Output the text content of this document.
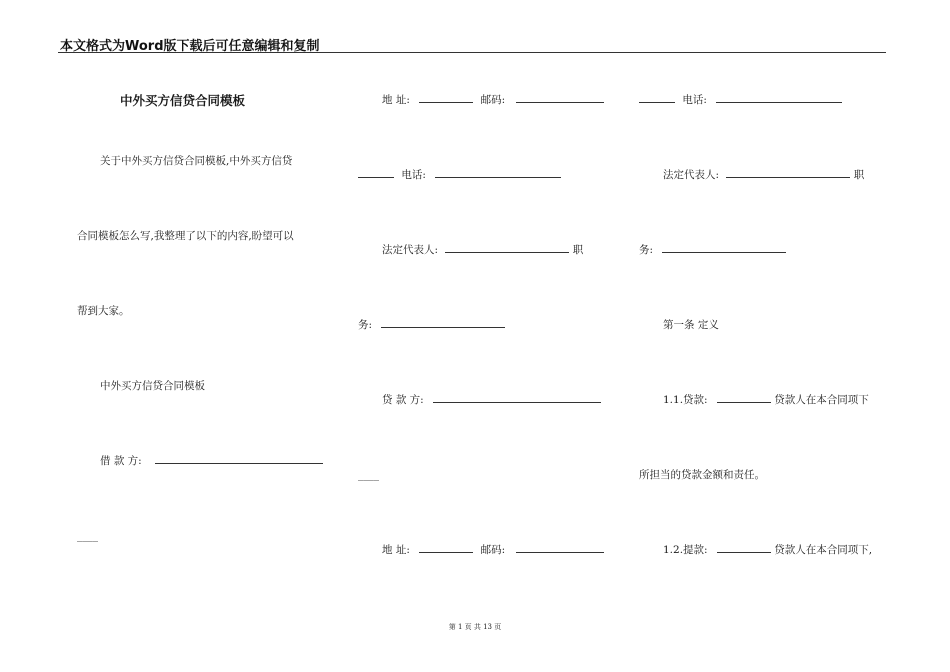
本文格式为Word版下载后可任意编辑和复制
中外买方信贷合同模板
关于中外买方信贷合同模板,中外买方信贷
合同模板怎么写,我整理了以下的内容,盼望可以
帮到大家。
中外买方信贷合同模板
借 款 方:
____
地 址:	邮码:
电话:
法定代表人:	职
务:
贷 款 方:
____
地 址:	邮码:
电话:
法定代表人:	职
务:
第一条 定义
1.1.贷款:	贷款人在本合同项下
所担当的贷款金额和责任。
1.2.提款:	贷款人在本合同项下,
第 1 页 共 13 页
